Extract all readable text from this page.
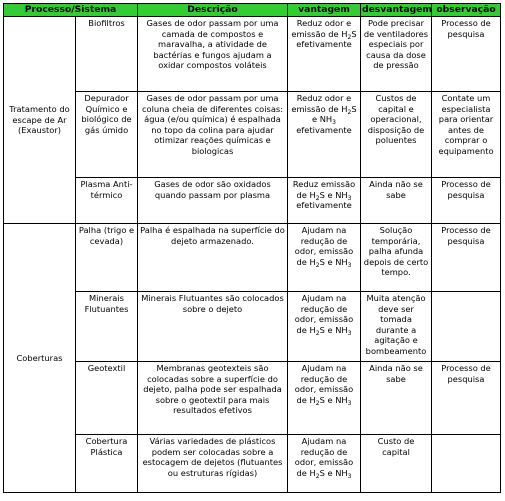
Processo/Sistema		Descrição	vantagem	desvantagem	observação
Tratamento do escape de Ar (Exaustor)	Biofiltros	Gases de odor passam por uma camada de compostos e maravalha, a atividade de bactérias e fungos ajudam a oxidar compostos voláteis	Reduz odor e emissão de $H_2S$ efetivamente	Pode precisar de ventiladores especiais por causa da dose de pressão	Processo de pesquisa
	Depurador Químico e biológico de gás úmido	Gases de odor passam por uma coluna cheia de diferentes coisas: água (e/ou química) é espalhada no topo da colina para ajudar otimizar reações químicas e biologicas	Reduz odor e emissão de $H_2S$ e $NH_3$ efetivamente	Custos de capital e operacional, disposição de poluentes	Contate um especialista para orientar antes de comprar o equipamento
	Plasma Anti-térmico	Gases de odor são oxidados quando passam por plasma	Reduz emissão de $H_2S$ e $NH_3$ efetivamente	Ainda não se sabe	Processo de pesquisa
Coberturas	Palha (trigo e cevada)	Palha é espalhada na superfície do dejeto armazenado.	Ajudam na redução de odor, emissão de $H_2S$ e $NH_3$	Solução temporária, palha afunda depois de certo tempo.	Processo de pesquisa
	Minerais Flutuantes	Minerais Flutuantes são colocados sobre o dejeto	Ajudam na redução de odor, emissão de $H_2S$ e $NH_3$	Muita atenção deve ser tomada durante a agitação e bombeamento	
	Geotextil	Membranas geotexteis são colocadas sobre a superfície do dejeto, palha pode ser espalhada sobre o geotextil para mais resultados efetivos	Ajudam na redução de odor, emissão de $H_2S$ e $NH_3$	Ainda não se sabe	Processo de pesquisa
	Cobertura Plástica	Várias variedades de plásticos podem ser colocadas sobre a estocagem de dejetos (flutuantes ou estruturas rígidas)	Ajudam na redução de odor, emissão de $H_2S$ e $NH_3$	Custo de capital	
